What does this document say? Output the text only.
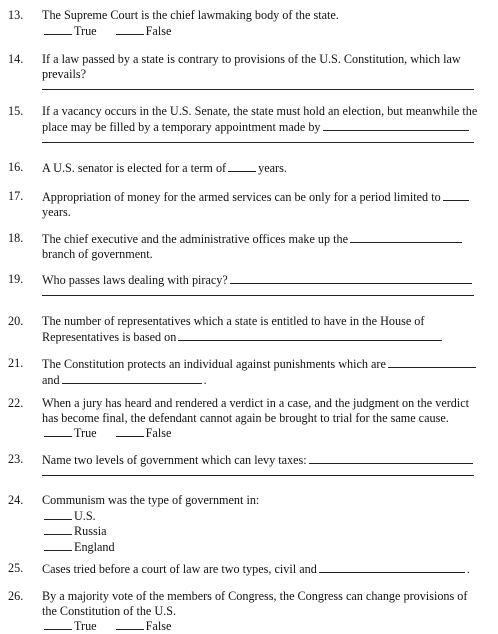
13. The Supreme Court is the chief lawmaking body of the state.
True	False
14. If a law passed by a state is contrary to provisions of the U.S. Constitution, which law
prevails?
15. If a vacancy occurs in the U.S. Senate, the state must hold an election, but meanwhile the
place may be filled by a temporary appointment made by
16. A U.S. senator is elected for a term of	years.
17. Appropriation of money for the armed services can be only for a period limited to
years.
18. The chief executive and the administrative offices make up the
branch of government.
19. Who passes laws dealing with piracy?
20. The number of representatives which a state is entitled to have in the House of
Representatives is based on
21. The Constitution protects an individual against punishments which are
and	.
22. When a jury has heard and rendered a verdict in a case, and the judgment on the verdict
has become final, the defendant cannot again be brought to trial for the same cause.
True	False
23. Name two levels of government which can levy taxes:
24. Communism was the type of government in:
U.S.
Russia
England
25. Cases tried before a court of law are two types, civil and	.
26. By a majority vote of the members of Congress, the Congress can change provisions of
the Constitution of the U.S.
True	False
